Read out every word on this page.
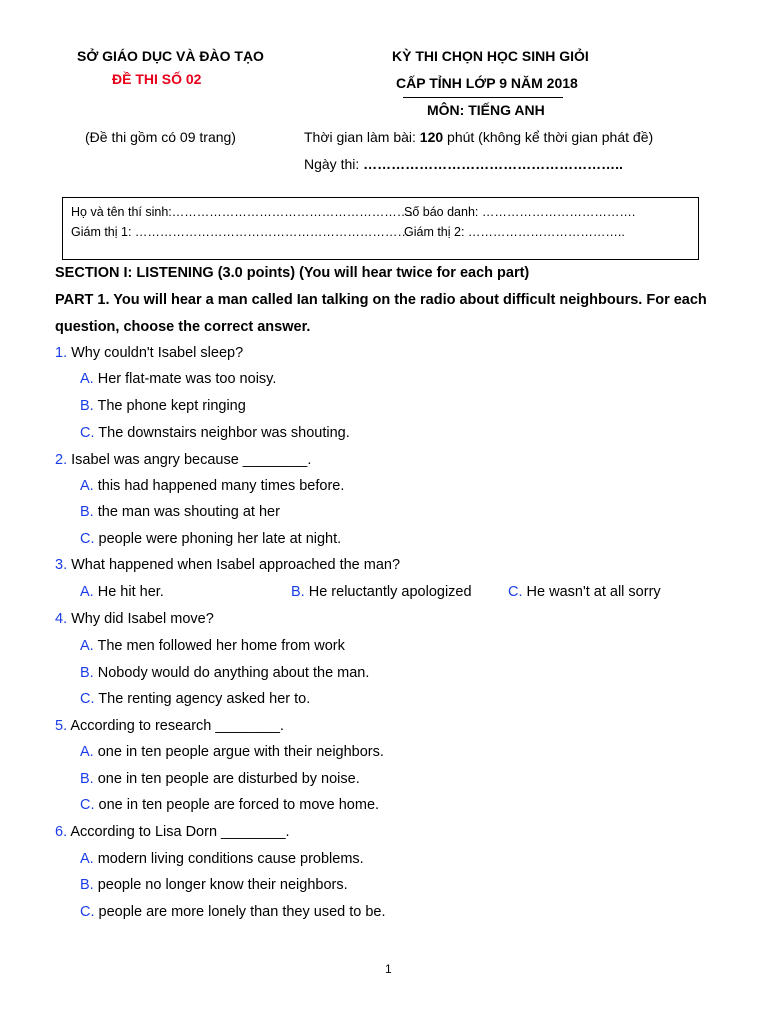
SỞ GIÁO DỤC VÀ ĐÀO TẠO
ĐỀ THI SỐ 02
KỲ THI CHỌN HỌC SINH GIỎI
CẤP TỈNH LỚP 9 NĂM 2018
MÔN: TIẾNG ANH
(Đề thi gồm có 09 trang)	Thời gian làm bài: 120 phút (không kể thời gian phát đề)
Ngày thi: ………………………………………………..
Họ và tên thí sinh:………………………………………………….
Số báo danh: ……………………………….
Giám thị 1: …………………………………………………………
Giám thị 2: ………………………………..
SECTION I: LISTENING (3.0 points) (You will hear twice for each part)
PART 1. You will hear a man called Ian talking on the radio about difficult neighbours. For each
question, choose the correct answer.
1. Why couldn't Isabel sleep?
A. Her flat-mate was too noisy.
B. The phone kept ringing
C. The downstairs neighbor was shouting.
2. Isabel was angry because ________.
A. this had happened many times before.
B. the man was shouting at her
C. people were phoning her late at night.
3. What happened when Isabel approached the man?
A. He hit her.	B. He reluctantly apologized	C. He wasn't at all sorry
4. Why did Isabel move?
A. The men followed her home from work
B. Nobody would do anything about the man.
C. The renting agency asked her to.
5. According to research ________.
A. one in ten people argue with their neighbors.
B. one in ten people are disturbed by noise.
C. one in ten people are forced to move home.
6. According to Lisa Dorn ________.
A. modern living conditions cause problems.
B. people no longer know their neighbors.
C. people are more lonely than they used to be.
1
